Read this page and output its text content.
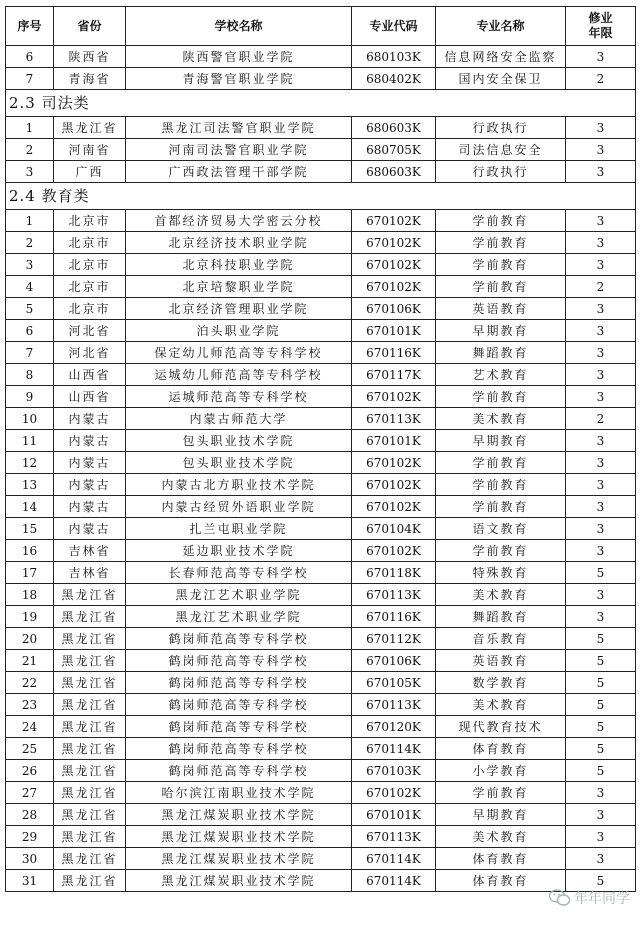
序号	省份	学校名称	专业代码	专业名称	修业
年限
6	陕西省	陕西警官职业学院	680103K	信息网络安全监察	3
7	青海省	青海警官职业学院	680402K	国内安全保卫	2
2.3 司法类					
1	黑龙江省	黑龙江司法警官职业学院	680603K	行政执行	3
2	河南省	河南司法警官职业学院	680705K	司法信息安全	3
3	广西	广西政法管理干部学院	680603K	行政执行	3
2.4 教育类					
1	北京市	首都经济贸易大学密云分校	670102K	学前教育	3
2	北京市	北京经济技术职业学院	670102K	学前教育	3
3	北京市	北京科技职业学院	670102K	学前教育	3
4	北京市	北京培黎职业学院	670102K	学前教育	2
5	北京市	北京经济管理职业学院	670106K	英语教育	3
6	河北省	泊头职业学院	670101K	早期教育	3
7	河北省	保定幼儿师范高等专科学校	670116K	舞蹈教育	3
8	山西省	运城幼儿师范高等专科学校	670117K	艺术教育	3
9	山西省	运城师范高等专科学校	670102K	学前教育	3
10	内蒙古	内蒙古师范大学	670113K	美术教育	2
11	内蒙古	包头职业技术学院	670101K	早期教育	3
12	内蒙古	包头职业技术学院	670102K	学前教育	3
13	内蒙古	内蒙古北方职业技术学院	670102K	学前教育	3
14	内蒙古	内蒙古经贸外语职业学院	670102K	学前教育	3
15	内蒙古	扎兰屯职业学院	670104K	语文教育	3
16	吉林省	延边职业技术学院	670102K	学前教育	3
17	吉林省	长春师范高等专科学校	670118K	特殊教育	5
18	黑龙江省	黑龙江艺术职业学院	670113K	美术教育	3
19	黑龙江省	黑龙江艺术职业学院	670116K	舞蹈教育	3
20	黑龙江省	鹤岗师范高等专科学校	670112K	音乐教育	5
21	黑龙江省	鹤岗师范高等专科学校	670106K	英语教育	5
22	黑龙江省	鹤岗师范高等专科学校	670105K	数学教育	5
23	黑龙江省	鹤岗师范高等专科学校	670113K	美术教育	5
24	黑龙江省	鹤岗师范高等专科学校	670120K	现代教育技术	5
25	黑龙江省	鹤岗师范高等专科学校	670114K	体育教育	5
26	黑龙江省	鹤岗师范高等专科学校	670103K	小学教育	5
27	黑龙江省	哈尔滨江南职业技术学院	670102K	学前教育	3
28	黑龙江省	黑龙江煤炭职业技术学院	670101K	早期教育	3
29	黑龙江省	黑龙江煤炭职业技术学院	670113K	美术教育	3
30	黑龙江省	黑龙江煤炭职业技术学院	670114K	体育教育	3
31	黑龙江省	黑龙江煤炭职业技术学院	670114K	体育教育	5
年年同学
